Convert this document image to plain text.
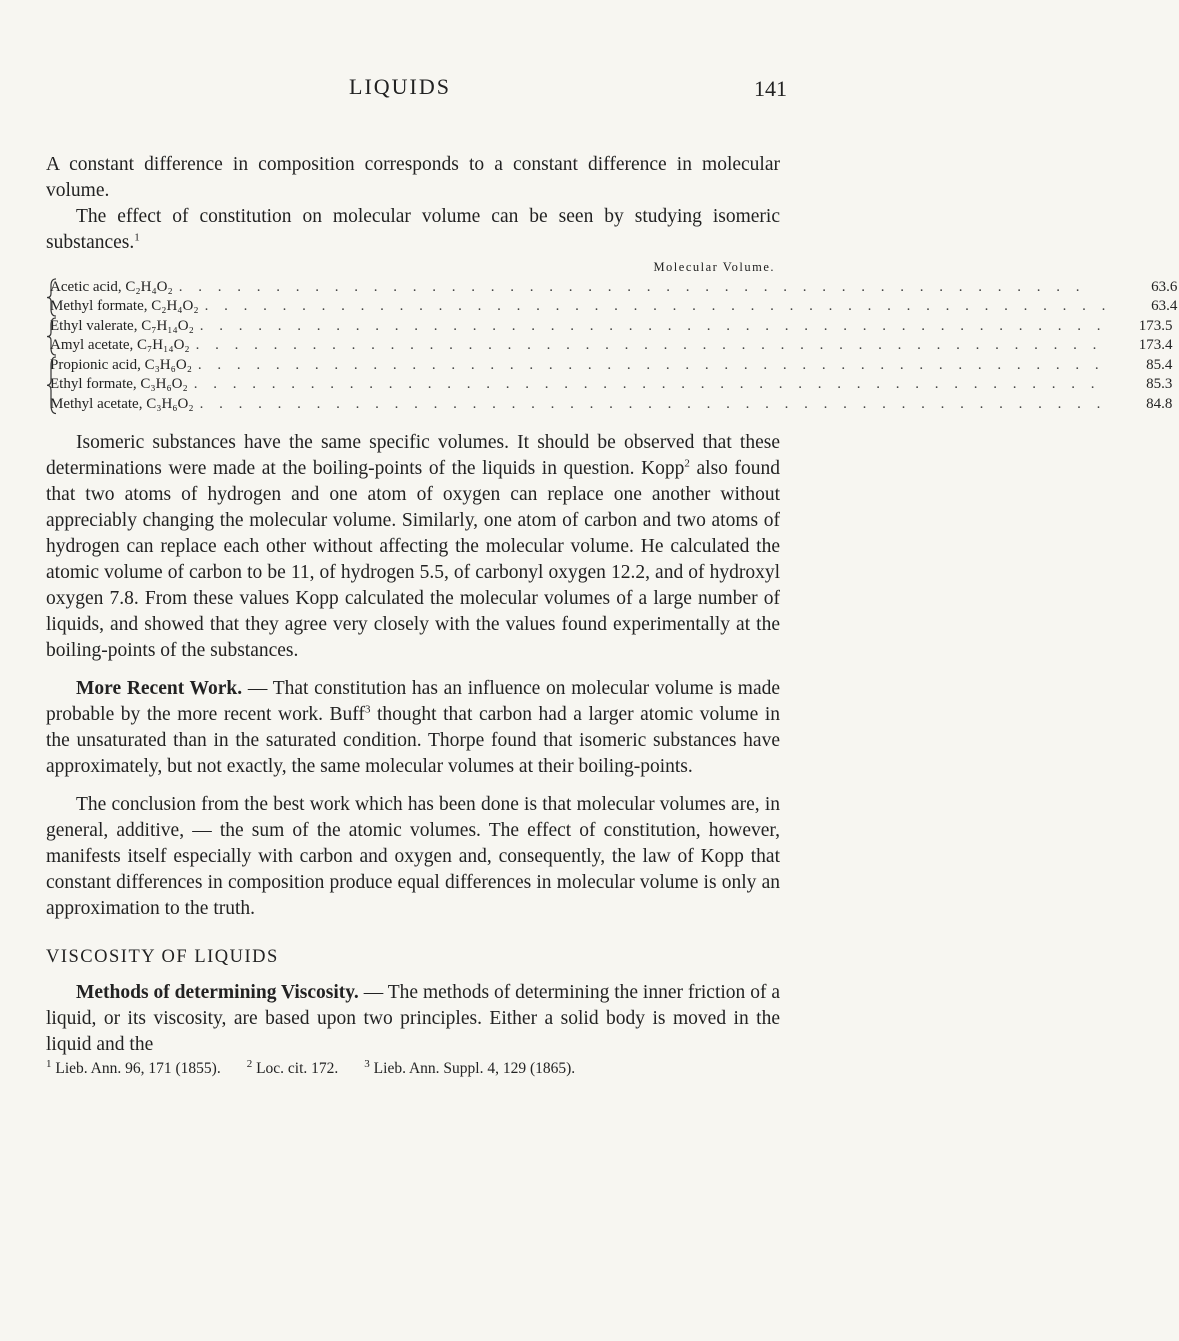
LIQUIDS	141

A constant difference in composition corresponds to a constant difference in molecular volume.

The effect of constitution on molecular volume can be seen by studying isomeric substances.$^1$

Molecular Volume.
Acetic acid, C₂H₄O₂ . . .	63.6
Methyl formate, C₂H₄O₂ . . .	63.4
Ethyl valerate, C₇H₁₄O₂ . . .	173.5
Amyl acetate, C₇H₁₄O₂ . . .	173.4
Propionic acid, C₃H₆O₂ . . .	85.4
Ethyl formate, C₃H₆O₂ . . .	85.3
Methyl acetate, C₃H₆O₂ . . .	84.8

Isomeric substances have the same specific volumes. It should be observed that these determinations were made at the boiling-points of the liquids in question. Kopp$^2$ also found that two atoms of hydrogen and one atom of oxygen can replace one another without appreciably changing the molecular volume. Similarly, one atom of carbon and two atoms of hydrogen can replace each other without affecting the molecular volume. He calculated the atomic volume of carbon to be 11, of hydrogen 5.5, of carbonyl oxygen 12.2, and of hydroxyl oxygen 7.8. From these values Kopp calculated the molecular volumes of a large number of liquids, and showed that they agree very closely with the values found experimentally at the boiling-points of the substances.

More Recent Work. — That constitution has an influence on molecular volume is made probable by the more recent work. Buff$^3$ thought that carbon had a larger atomic volume in the unsaturated than in the saturated condition. Thorpe found that isomeric substances have approximately, but not exactly, the same molecular volumes at their boiling-points.

The conclusion from the best work which has been done is that molecular volumes are, in general, additive, — the sum of the atomic volumes. The effect of constitution, however, manifests itself especially with carbon and oxygen and, consequently, the law of Kopp that constant differences in composition produce equal differences in molecular volume is only an approximation to the truth.

VISCOSITY OF LIQUIDS

Methods of determining Viscosity. — The methods of determining the inner friction of a liquid, or its viscosity, are based upon two principles. Either a solid body is moved in the liquid and the

$^1$ Lieb. Ann. 96, 171 (1855). $^2$ Loc. cit. 172. $^3$ Lieb. Ann. Suppl. 4, 129 (1865).
